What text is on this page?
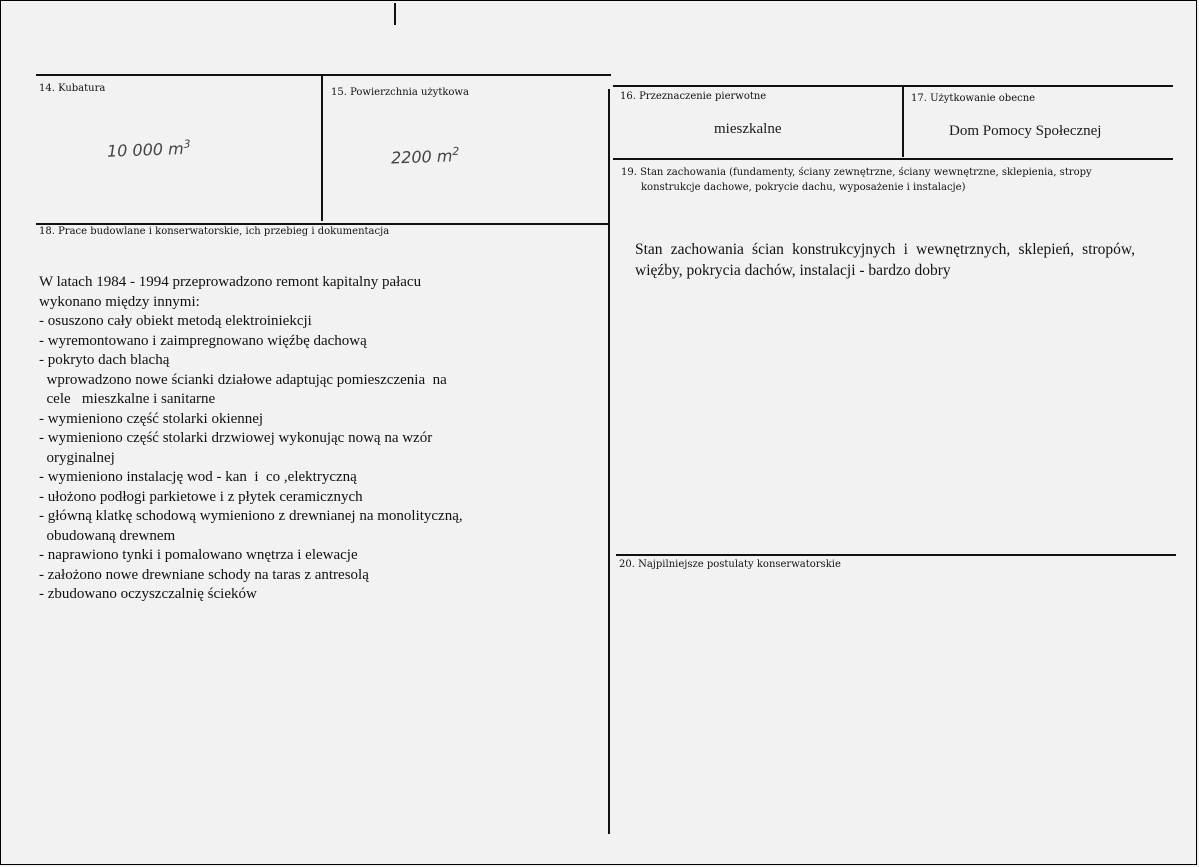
14. Kubatura
10 000 $m^3$
15. Powierzchnia użytkowa
2200 $m^2$
16. Przeznaczenie pierwotne
mieszkalne
17. Użytkowanie obecne
Dom Pomocy Społecznej
19. Stan zachowania (fundamenty, ściany zewnętrzne, ściany wewnętrzne, sklepienia, stropy
konstrukcje dachowe, pokrycie dachu, wyposażenie i instalacje)
Stan zachowania ścian konstrukcyjnych i wewnętrznych, sklepień, stropów, więźby, pokrycia dachów, instalacji - bardzo dobry
18. Prace budowlane i konserwatorskie, ich przebieg i dokumentacja
W latach 1984 - 1994 przeprowadzono remont kapitalny pałacu
wykonano między innymi:
- osuszono cały obiekt metodą elektroiniekcji
- wyremontowano i zaimpregnowano więźbę dachową
- pokryto dach blachą
wprowadzono nowe ścianki działowe adaptując pomieszczenia  na
cele   mieszkalne i sanitarne
- wymieniono część stolarki okiennej
- wymieniono część stolarki drzwiowej wykonując nową na wzór
oryginalnej
- wymieniono instalację wod - kan  i  co ,elektryczną
- ułożono podłogi parkietowe i z płytek ceramicznych
- główną klatkę schodową wymieniono z drewnianej na monolityczną,
obudowaną drewnem
- naprawiono tynki i pomalowano wnętrza i elewacje
- założono nowe drewniane schody na taras z antresolą
- zbudowano oczyszczalnię ścieków
20. Najpilniejsze postulaty konserwatorskie
